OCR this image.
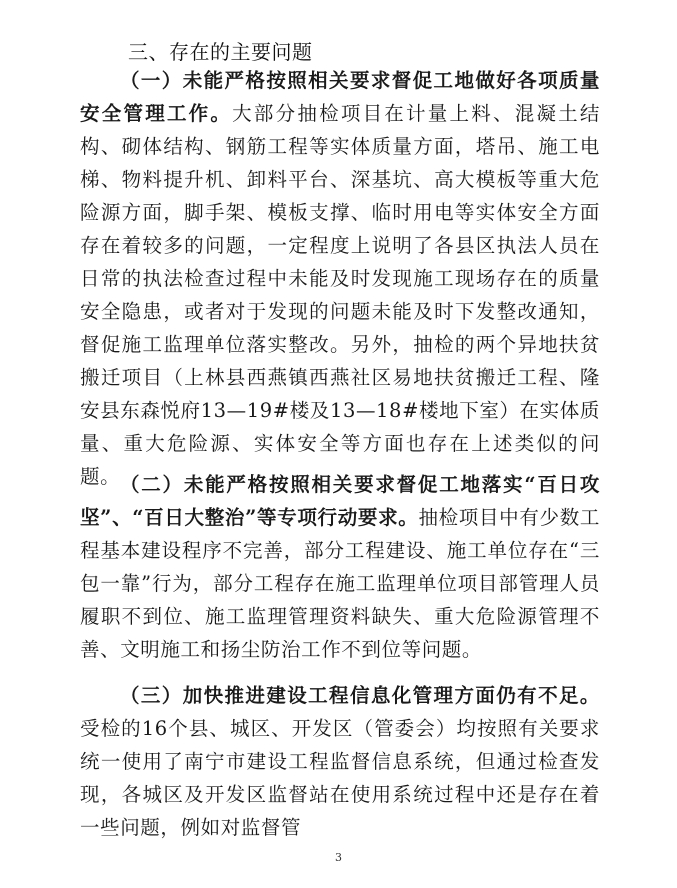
三、存在的主要问题

（一）未能严格按照相关要求督促工地做好各项质量安全管理工作。大部分抽检项目在计量上料、混凝土结构、砌体结构、钢筋工程等实体质量方面，塔吊、施工电梯、物料提升机、卸料平台、深基坑、高大模板等重大危险源方面，脚手架、模板支撑、临时用电等实体安全方面存在着较多的问题，一定程度上说明了各县区执法人员在日常的执法检查过程中未能及时发现施工现场存在的质量安全隐患，或者对于发现的问题未能及时下发整改通知，督促施工监理单位落实整改。另外，抽检的两个异地扶贫搬迁项目（上林县西燕镇西燕社区易地扶贫搬迁工程、隆安县东森悦府13—19#楼及13—18#楼地下室）在实体质量、重大危险源、实体安全等方面也存在上述类似的问题。 （二）未能严格按照相关要求督促工地落实“百日攻坚”、“百日大整治”等专项行动要求。抽检项目中有少数工程基本建设程序不完善，部分工程建设、施工单位存在“三包一靠”行为，部分工程存在施工监理单位项目部管理人员履职不到位、施工监理管理资料缺失、重大危险源管理不善、文明施工和扬尘防治工作不到位等问题。

（三）加快推进建设工程信息化管理方面仍有不足。受检的16个县、城区、开发区（管委会）均按照有关要求统一使用了南宁市建设工程监督信息系统，但通过检查发现，各城区及开发区监督站在使用系统过程中还是存在着一些问题，例如对监督管

3
